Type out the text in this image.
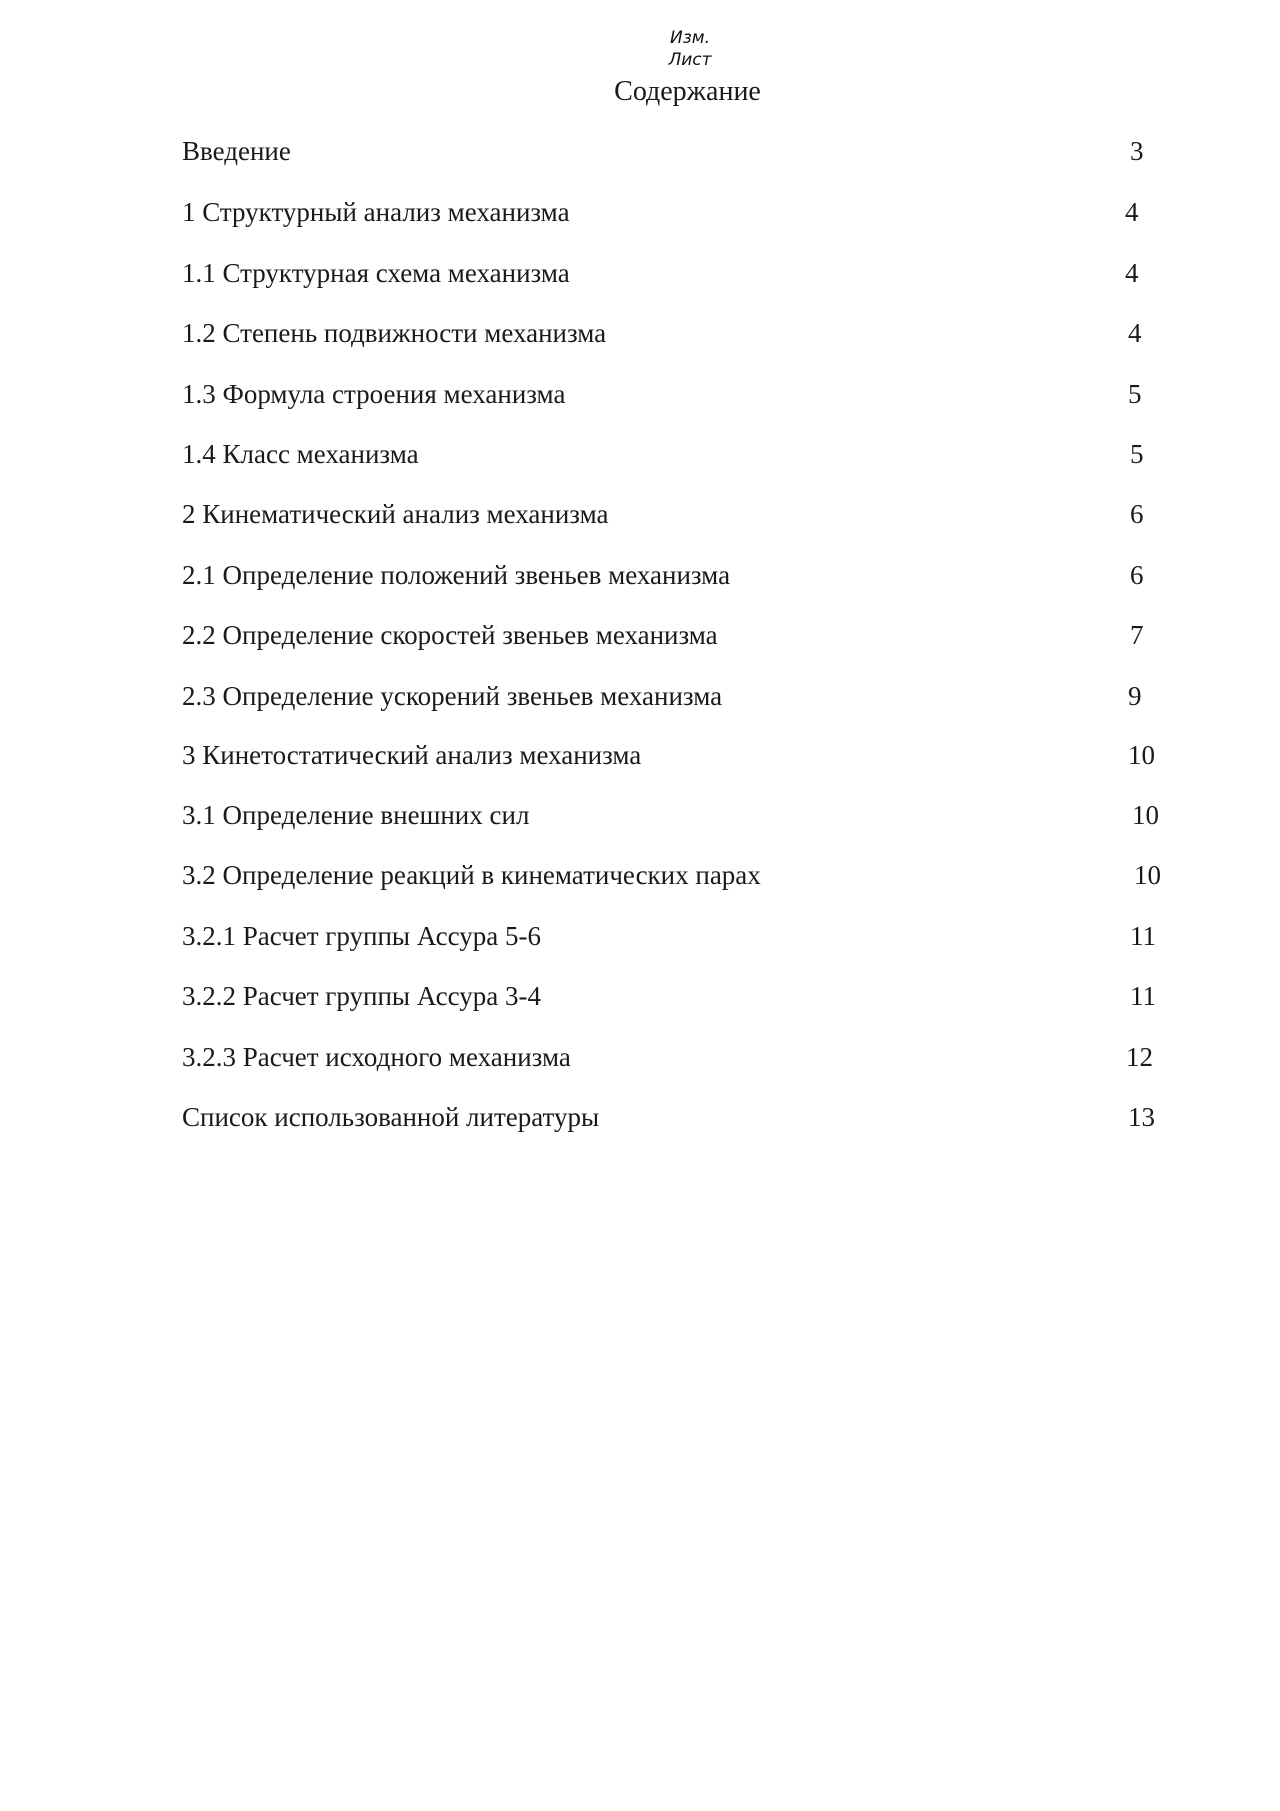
Изм.
Лист
Содержание
Введение	3
1 Структурный анализ механизма	4
1.1 Структурная схема механизма	4
1.2 Степень подвижности механизма	4
1.3 Формула строения механизма	5
1.4 Класс механизма	5
2 Кинематический анализ механизма	6
2.1 Определение положений звеньев механизма	6
2.2 Определение скоростей звеньев механизма	7
2.3 Определение ускорений звеньев механизма	9
3 Кинетостатический анализ механизма	10
3.1 Определение внешних сил	10
3.2 Определение реакций в кинематических парах	10
3.2.1 Расчет группы Ассура 5-6	11
3.2.2 Расчет группы Ассура 3-4	11
3.2.3 Расчет исходного механизма	12
Список использованной литературы	13
